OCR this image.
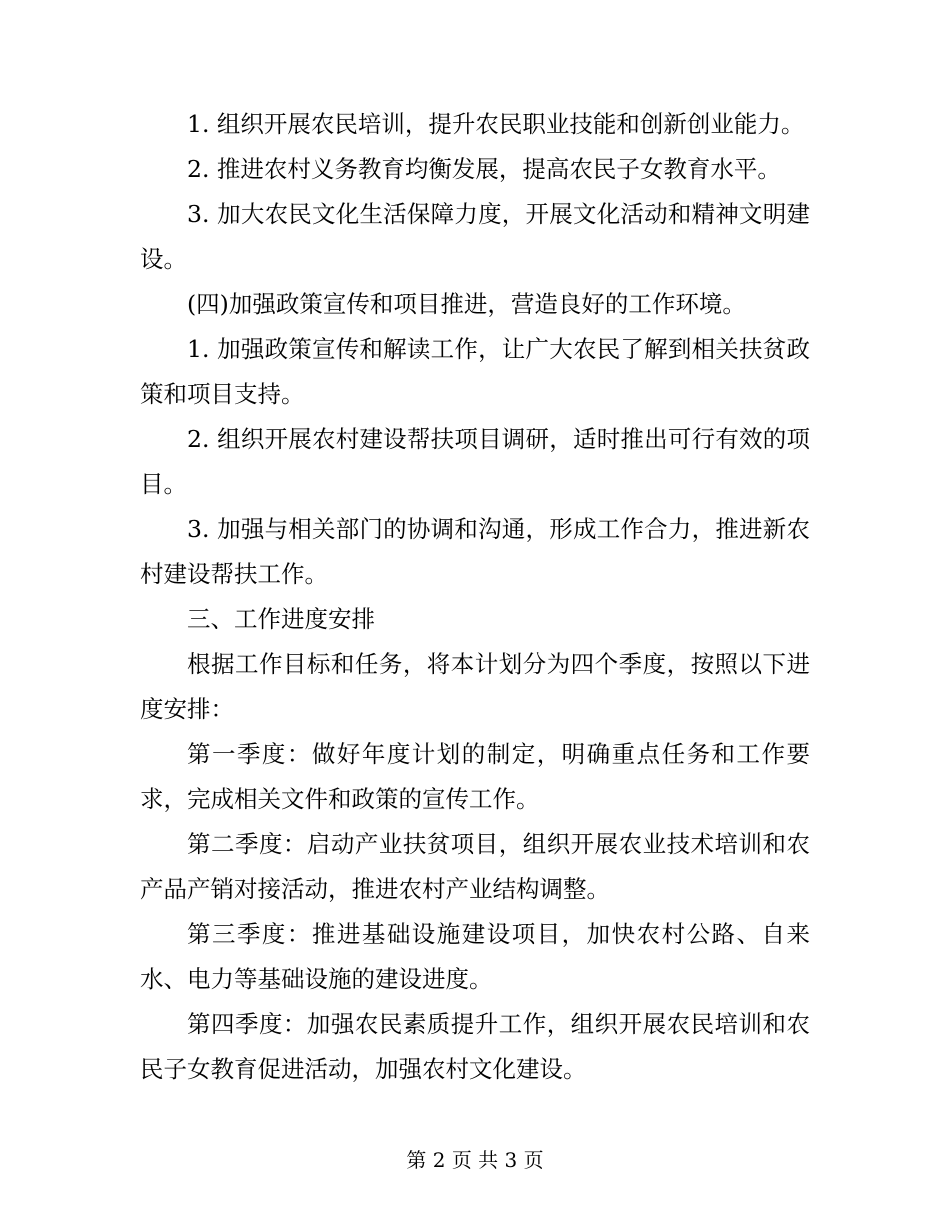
1. 组织开展农民培训，提升农民职业技能和创新创业能力。

2. 推进农村义务教育均衡发展，提高农民子女教育水平。

3. 加大农民文化生活保障力度，开展文化活动和精神文明建设。

(四)加强政策宣传和项目推进，营造良好的工作环境。

1. 加强政策宣传和解读工作，让广大农民了解到相关扶贫政策和项目支持。

2. 组织开展农村建设帮扶项目调研，适时推出可行有效的项目。

3. 加强与相关部门的协调和沟通，形成工作合力，推进新农村建设帮扶工作。

三、工作进度安排

根据工作目标和任务，将本计划分为四个季度，按照以下进度安排：

第一季度：做好年度计划的制定，明确重点任务和工作要求，完成相关文件和政策的宣传工作。

第二季度：启动产业扶贫项目，组织开展农业技术培训和农产品产销对接活动，推进农村产业结构调整。

第三季度：推进基础设施建设项目，加快农村公路、自来水、电力等基础设施的建设进度。

第四季度：加强农民素质提升工作，组织开展农民培训和农民子女教育促进活动，加强农村文化建设。

第 2 页 共 3 页
